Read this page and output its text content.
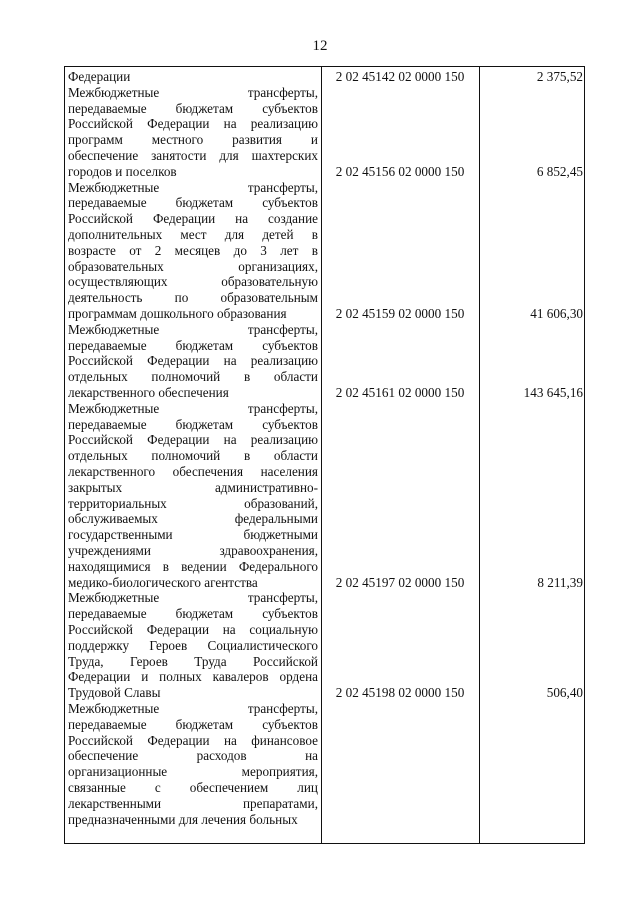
12
Федерации	2 02 45142 02 0000 150	2 375,52
Межбюджетные трансферты,
передаваемые бюджетам субъектов
Российской Федерации на реализацию
программ местного развития и
обеспечение занятости для шахтерских
городов и поселков	2 02 45156 02 0000 150	6 852,45
Межбюджетные трансферты,
передаваемые бюджетам субъектов
Российской Федерации на создание
дополнительных мест для детей в
возрасте от 2 месяцев до 3 лет в
образовательных организациях,
осуществляющих образовательную
деятельность по образовательным
программам дошкольного образования	2 02 45159 02 0000 150	41 606,30
Межбюджетные трансферты,
передаваемые бюджетам субъектов
Российской Федерации на реализацию
отдельных полномочий в области
лекарственного обеспечения	2 02 45161 02 0000 150	143 645,16
Межбюджетные трансферты,
передаваемые бюджетам субъектов
Российской Федерации на реализацию
отдельных полномочий в области
лекарственного обеспечения населения
закрытых административно-
территориальных образований,
обслуживаемых федеральными
государственными бюджетными
учреждениями здравоохранения,
находящимися в ведении Федерального
медико-биологического агентства	2 02 45197 02 0000 150	8 211,39
Межбюджетные трансферты,
передаваемые бюджетам субъектов
Российской Федерации на социальную
поддержку Героев Социалистического
Труда, Героев Труда Российской
Федерации и полных кавалеров ордена
Трудовой Славы	2 02 45198 02 0000 150	506,40
Межбюджетные трансферты,
передаваемые бюджетам субъектов
Российской Федерации на финансовое
обеспечение расходов на
организационные мероприятия,
связанные с обеспечением лиц
лекарственными препаратами,
предназначенными для лечения больных
